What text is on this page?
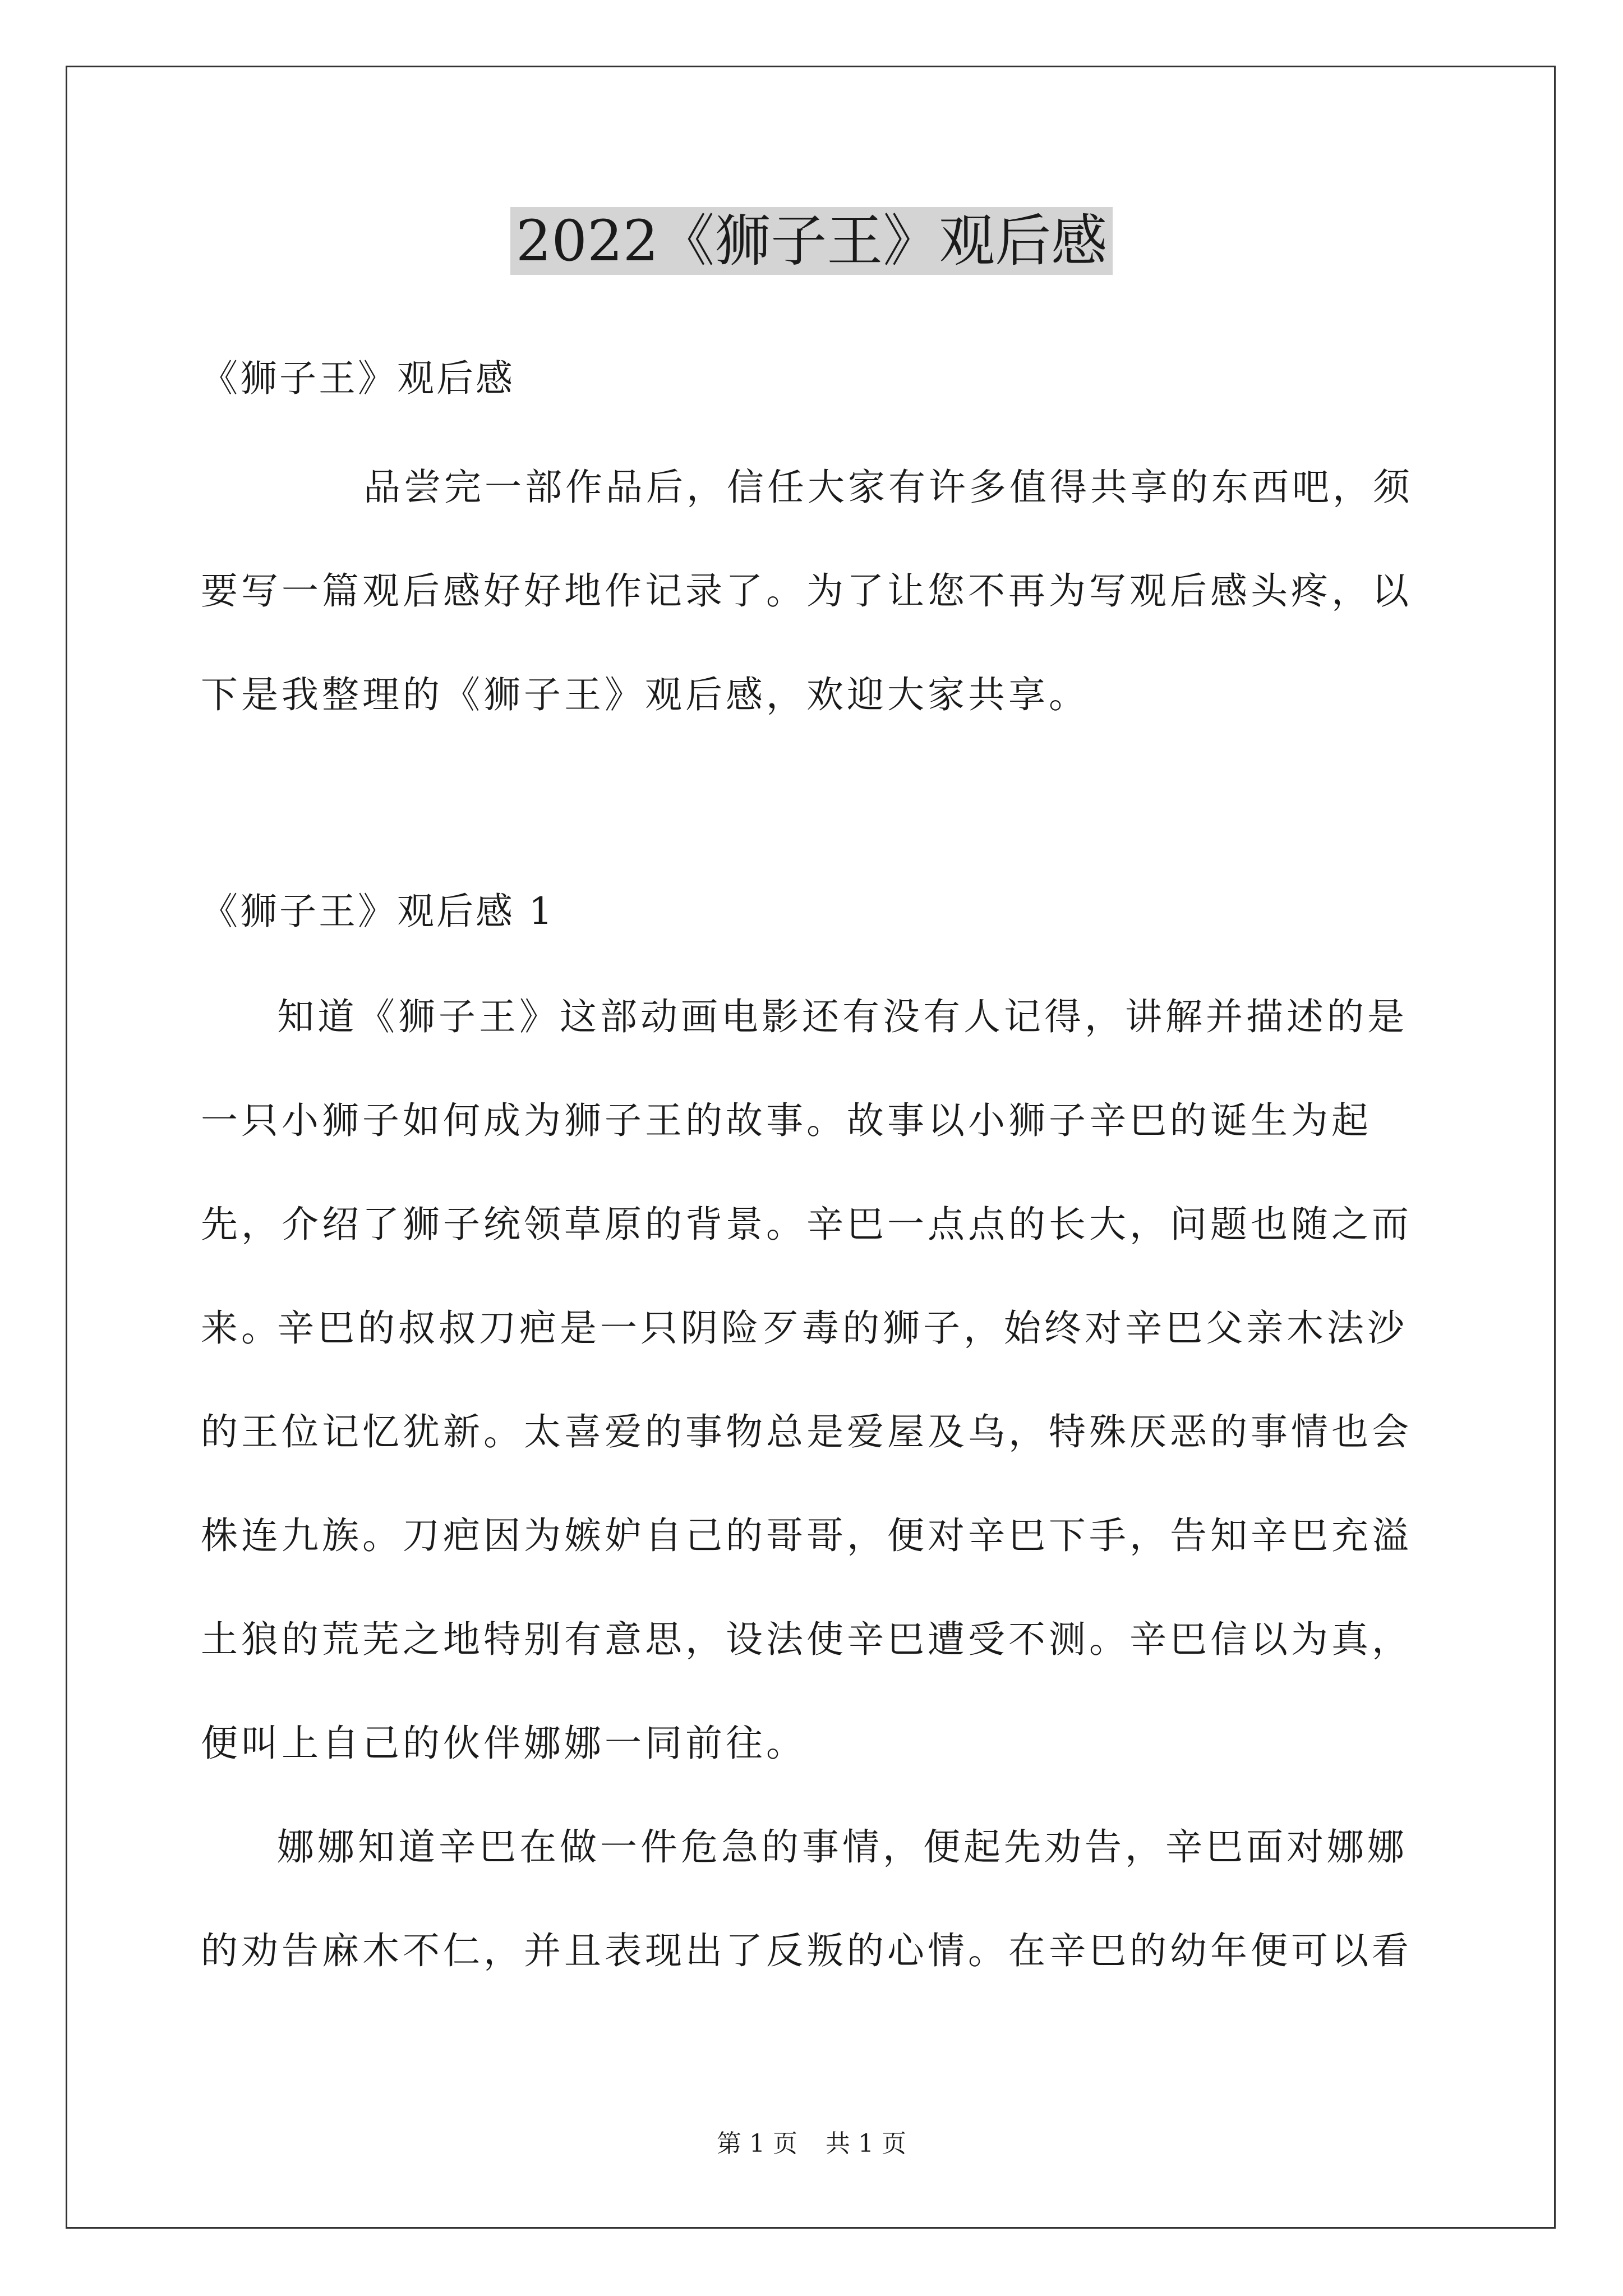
2022《狮子王》观后感
《狮子王》观后感

品尝完一部作品后，信任大家有许多值得共享的东西吧，须要写一篇观后感好好地作记录了。为了让您不再为写观后感头疼，以下是我整理的《狮子王》观后感，欢迎大家共享。

《狮子王》观后感 1

知道《狮子王》这部动画电影还有没有人记得，讲解并描述的是一只小狮子如何成为狮子王的故事。故事以小狮子辛巴的诞生为起先，介绍了狮子统领草原的背景。辛巴一点点的长大，问题也随之而来。

辛巴的叔叔刀疤是一只阴险歹毒的狮子，始终对辛巴父亲木法沙的王位记忆犹新。太喜爱的事物总是爱屋及乌，特殊厌恶的事情也会株连九族。刀疤因为嫉妒自己的哥哥，便对辛巴下手，告知辛巴充溢土狼的荒芜之地特别有意思，设法使辛巴遭受不测。辛巴信以为真，便叫上自己的伙伴娜娜一同前往。

娜娜知道辛巴在做一件危急的事情，便起先劝告，辛巴面对娜娜的劝告麻木不仁，并且表现出了反叛的心情。在辛巴的幼年便可以看

第 1 页 共 1 页
